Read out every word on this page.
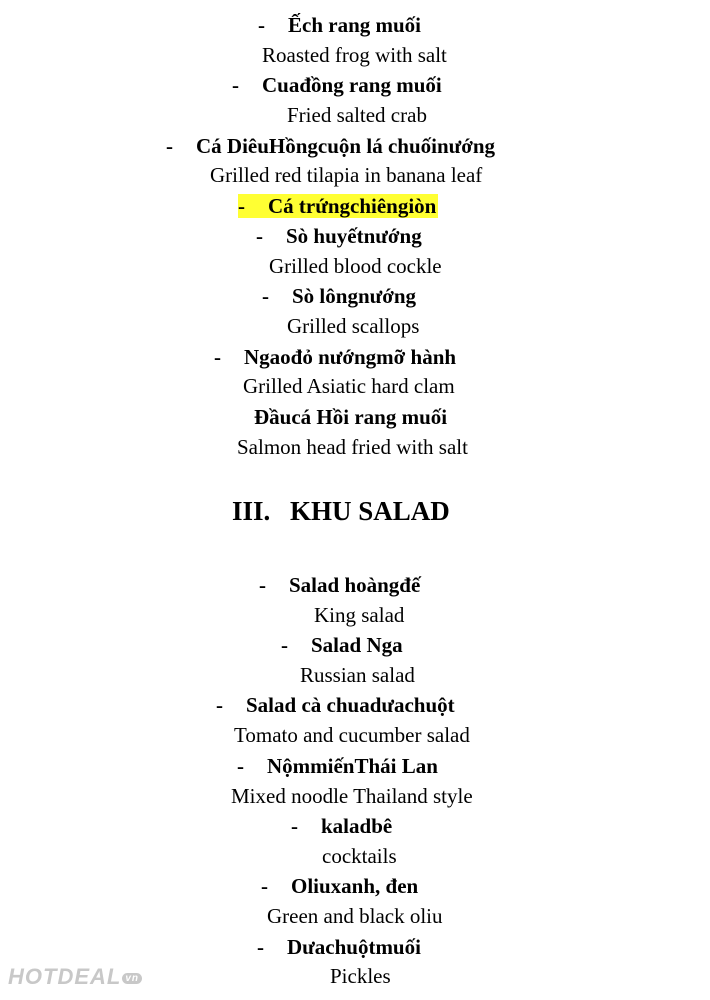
- Ếch rang muối
Roasted frog with salt
- Cuađồng rang muối
Fried salted crab
- Cá DiêuHồngcuộn lá chuốinướng
Grilled red tilapia in banana leaf
- Cá trứngchiêngiòn
- Sò huyếtnướng
Grilled blood cockle
- Sò lôngnướng
Grilled scallops
- Ngaođỏ nướngmỡ hành
Grilled Asiatic hard clam
Đầucá Hồi rang muối
Salmon head fried with salt
III. KHU SALAD
- Salad hoàngđế
King salad
- Salad Nga
Russian salad
- Salad cà chuadưachuột
Tomato and cucumber salad
- NộmmiếnThái Lan
Mixed noodle Thailand style
- kaladbê
cocktails
- Oliuxanh, đen
Green and black oliu
- Dưachuộtmuối
Pickles
HOTDEAL vn
